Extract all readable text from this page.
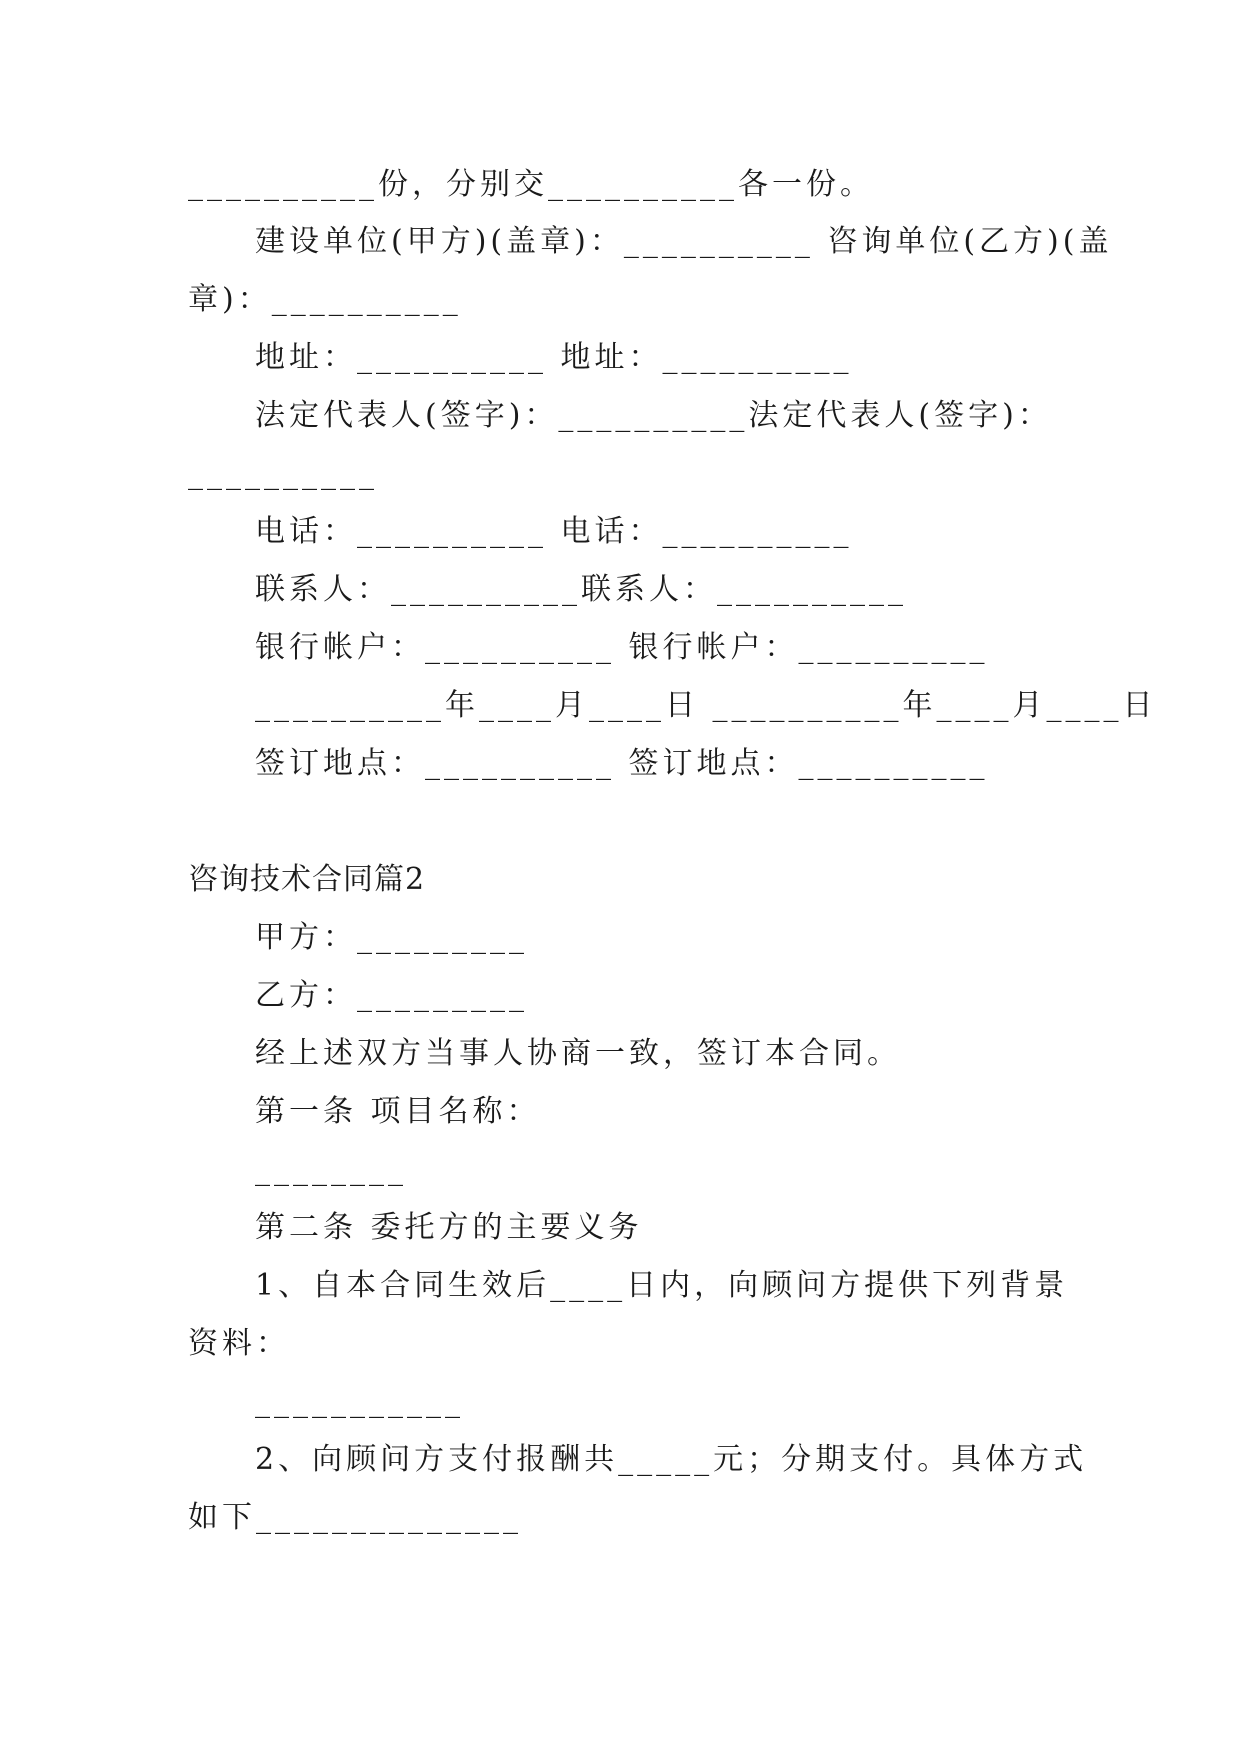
__________份，分别交__________各一份。

建设单位(甲方)(盖章)：__________ 咨询单位(乙方)(盖

章)：__________

地址：__________ 地址：__________

法定代表人(签字)：__________法定代表人(签字)：

__________

电话：__________ 电话：__________

联系人：__________联系人：__________

银行帐户：__________ 银行帐户：__________

__________年____月____日 __________年____月____日

签订地点：__________ 签订地点：__________

咨询技术合同篇2

甲方：_________

乙方：_________

经上述双方当事人协商一致，签订本合同。

第一条 项目名称：

________

第二条 委托方的主要义务

1、自本合同生效后____日内，向顾问方提供下列背景

资料：

___________

2、向顾问方支付报酬共_____元；分期支付。具体方式

如下______________
